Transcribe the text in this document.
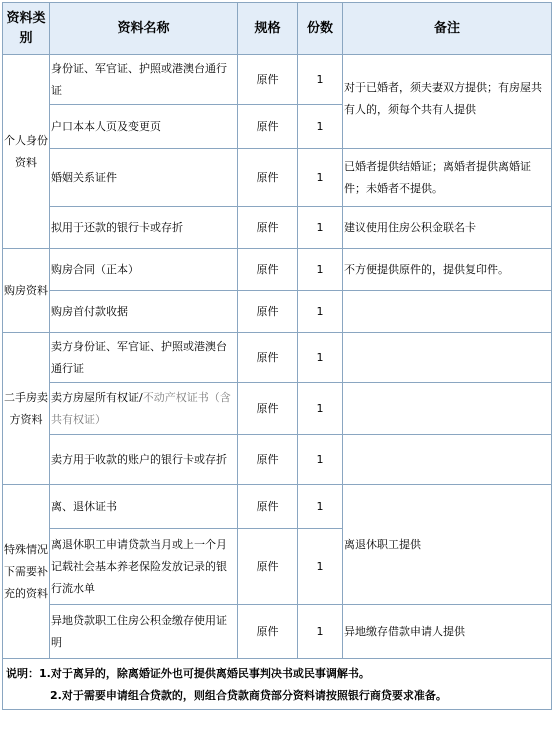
资料类别	资料名称	规格	份数	备注
个人身份资料	身份证、军官证、护照或港澳台通行证	原件	1	对于已婚者，须夫妻双方提供；有房屋共有人的，须每个共有人提供
	户口本本人页及变更页	原件	1	
	婚姻关系证件	原件	1	已婚者提供结婚证；离婚者提供离婚证件；未婚者不提供。
	拟用于还款的银行卡或存折	原件	1	建议使用住房公积金联名卡
购房资料	购房合同（正本）	原件	1	不方便提供原件的，提供复印件。
	购房首付款收据	原件	1	
二手房卖方资料	卖方身份证、军官证、护照或港澳台通行证	原件	1	
	卖方房屋所有权证/不动产权证书（含共有权证）	原件	1	
	卖方用于收款的账户的银行卡或存折	原件	1	
特殊情况下需要补充的资料	离、退休证书	原件	1	离退休职工提供
	离退休职工申请贷款当月或上一个月记载社会基本养老保险发放记录的银行流水单	原件	1	
	异地贷款职工住房公积金缴存使用证明	原件	1	异地缴存借款申请人提供
说明：1.对于离异的，除离婚证外也可提供离婚民事判决书或民事调解书。
2.对于需要申请组合贷款的，则组合贷款商贷部分资料请按照银行商贷要求准备。				
